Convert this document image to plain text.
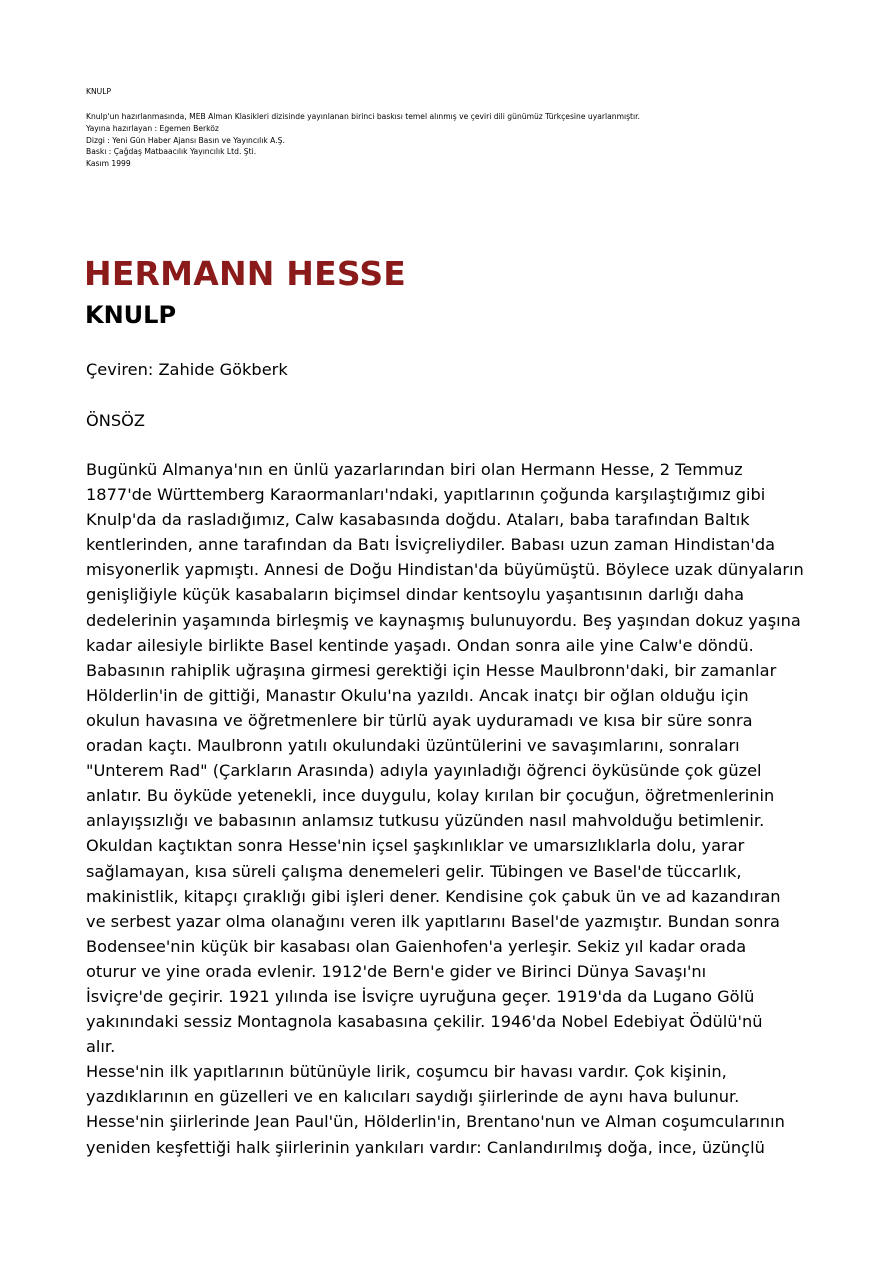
KNULP
Knulp'un hazırlanmasında, MEB Alman Klasikleri dizisinde yayınlanan birinci baskısı temel alınmış ve çeviri dili günümüz Türkçesine uyarlanmıştır.
Yayına hazırlayan : Egemen Berköz
Dizgi : Yeni Gün Haber Ajansı Basın ve Yayıncılık A.Ş.
Baskı : Çağdaş Matbaacılık Yayıncılık Ltd. Şti.
Kasım 1999
HERMANN HESSE
KNULP
Çeviren: Zahide Gökberk
ÖNSÖZ
Bugünkü Almanya'nın en ünlü yazarlarından biri olan Hermann Hesse, 2 Temmuz
1877'de Württemberg Karaormanları'ndaki, yapıtlarının çoğunda karşılaştığımız gibi
Knulp'da da rasladığımız, Calw kasabasında doğdu. Ataları, baba tarafından Baltık
kentlerinden, anne tarafından da Batı İsviçreliydiler. Babası uzun zaman Hindistan'da
misyonerlik yapmıştı. Annesi de Doğu Hindistan'da büyümüştü. Böylece uzak dünyaların
genişliğiyle küçük kasabaların biçimsel dindar kentsoylu yaşantısının darlığı daha
dedelerinin yaşamında birleşmiş ve kaynaşmış bulunuyordu. Beş yaşından dokuz yaşına
kadar ailesiyle birlikte Basel kentinde yaşadı. Ondan sonra aile yine Calw'e döndü.
Babasının rahiplik uğraşına girmesi gerektiği için Hesse Maulbronn'daki, bir zamanlar
Hölderlin'in de gittiği, Manastır Okulu'na yazıldı. Ancak inatçı bir oğlan olduğu için
okulun havasına ve öğretmenlere bir türlü ayak uyduramadı ve kısa bir süre sonra
oradan kaçtı. Maulbronn yatılı okulundaki üzüntülerini ve savaşımlarını, sonraları
"Unterem Rad" (Çarkların Arasında) adıyla yayınladığı öğrenci öyküsünde çok güzel
anlatır. Bu öyküde yetenekli, ince duygulu, kolay kırılan bir çocuğun, öğretmenlerinin
anlayışsızlığı ve babasının anlamsız tutkusu yüzünden nasıl mahvolduğu betimlenir.
Okuldan kaçtıktan sonra Hesse'nin içsel şaşkınlıklar ve umarsızlıklarla dolu, yarar
sağlamayan, kısa süreli çalışma denemeleri gelir. Tübingen ve Basel'de tüccarlık,
makinistlik, kitapçı çıraklığı gibi işleri dener. Kendisine çok çabuk ün ve ad kazandıran
ve serbest yazar olma olanağını veren ilk yapıtlarını Basel'de yazmıştır. Bundan sonra
Bodensee'nin küçük bir kasabası olan Gaienhofen'a yerleşir. Sekiz yıl kadar orada
oturur ve yine orada evlenir. 1912'de Bern'e gider ve Birinci Dünya Savaşı'nı
İsviçre'de geçirir. 1921 yılında ise İsviçre uyruğuna geçer. 1919'da da Lugano Gölü
yakınındaki sessiz Montagnola kasabasına çekilir. 1946'da Nobel Edebiyat Ödülü'nü
alır.
Hesse'nin ilk yapıtlarının bütünüyle lirik, coşumcu bir havası vardır. Çok kişinin,
yazdıklarının en güzelleri ve en kalıcıları saydığı şiirlerinde de aynı hava bulunur.
Hesse'nin şiirlerinde Jean Paul'ün, Hölderlin'in, Brentano'nun ve Alman coşumcularının
yeniden keşfettiği halk şiirlerinin yankıları vardır: Canlandırılmış doğa, ince, üzünçlü
